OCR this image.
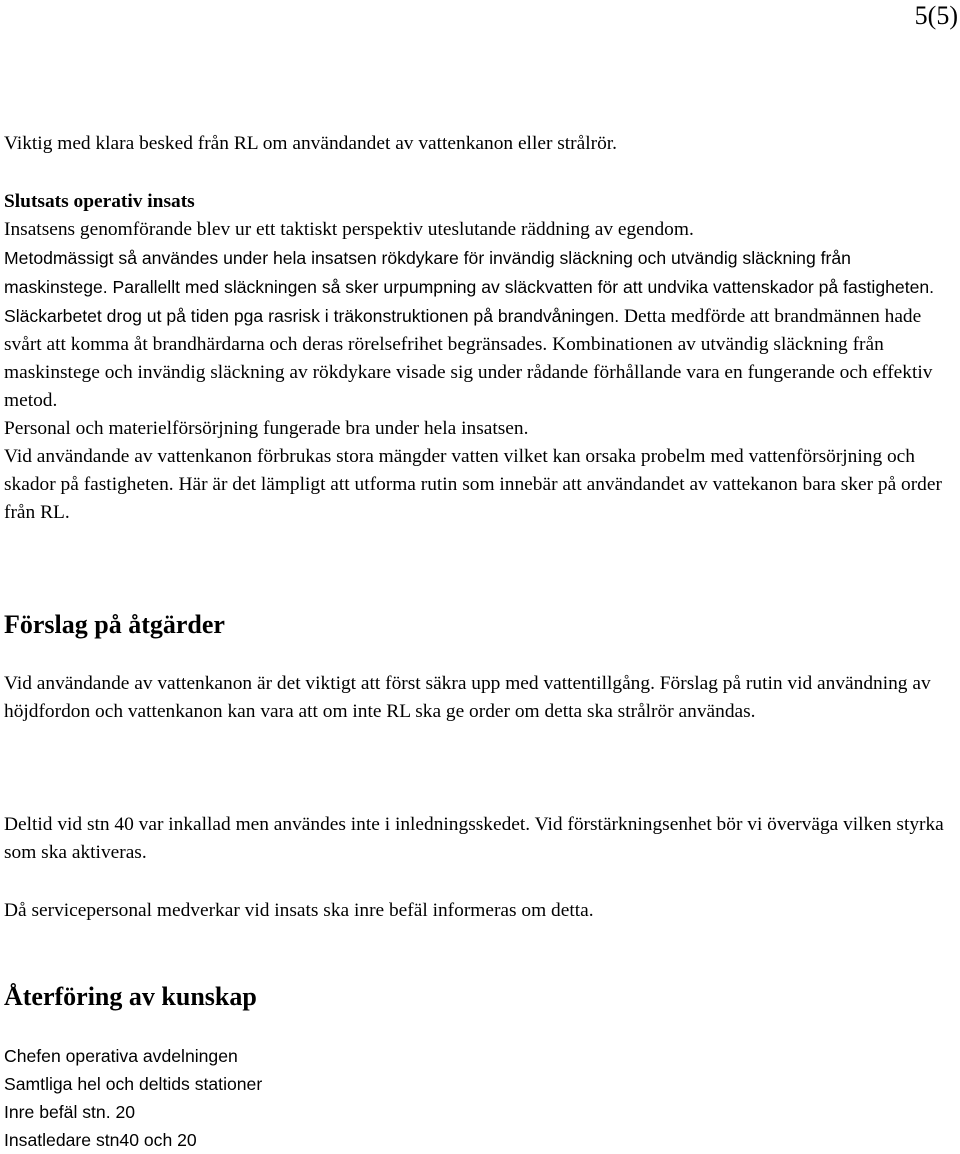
5(5)

Viktig med klara besked från RL om användandet av vattenkanon eller strålrör.

Slutsats operativ insats

Insatsens genomförande blev ur ett taktiskt perspektiv uteslutande räddning av egendom.

Metodmässigt så användes under hela insatsen rökdykare för invändig släckning och utvändig släckning från maskinstege. Parallellt med släckningen så sker urpumpning av släckvatten för att undvika vattenskador på fastigheten. Släckarbetet drog ut på tiden pga rasrisk i träkonstruktionen på brandvåningen. Detta medförde att brandmännen hade svårt att komma åt brandhärdarna och deras rörelsefrihet begränsades. Kombinationen av utvändig släckning från maskinstege och invändig släckning av rökdykare visade sig under rådande förhållande vara en fungerande och effektiv metod.

Personal och materielförsörjning fungerade bra under hela insatsen.

Vid användande av vattenkanon förbrukas stora mängder vatten vilket kan orsaka probelm med vattenförsörjning och skador på fastigheten. Här är det lämpligt att utforma rutin som innebär att användandet av vattekanon bara sker på order från RL.

Förslag på åtgärder

Vid användande av vattenkanon är det viktigt att först säkra upp med vattentillgång. Förslag på rutin vid användning av höjdfordon och vattenkanon kan vara att om inte RL ska ge order om detta ska strålrör användas.

Deltid vid stn 40 var inkallad men användes inte i inledningsskedet. Vid förstärkningsenhet bör vi överväga vilken styrka som ska aktiveras.

Då servicepersonal medverkar vid insats ska inre befäl informeras om detta.

Återföring av kunskap
Chefen operativa avdelningen
Samtliga hel och deltids stationer
Inre befäl stn. 20
Insatledare stn40 och 20
